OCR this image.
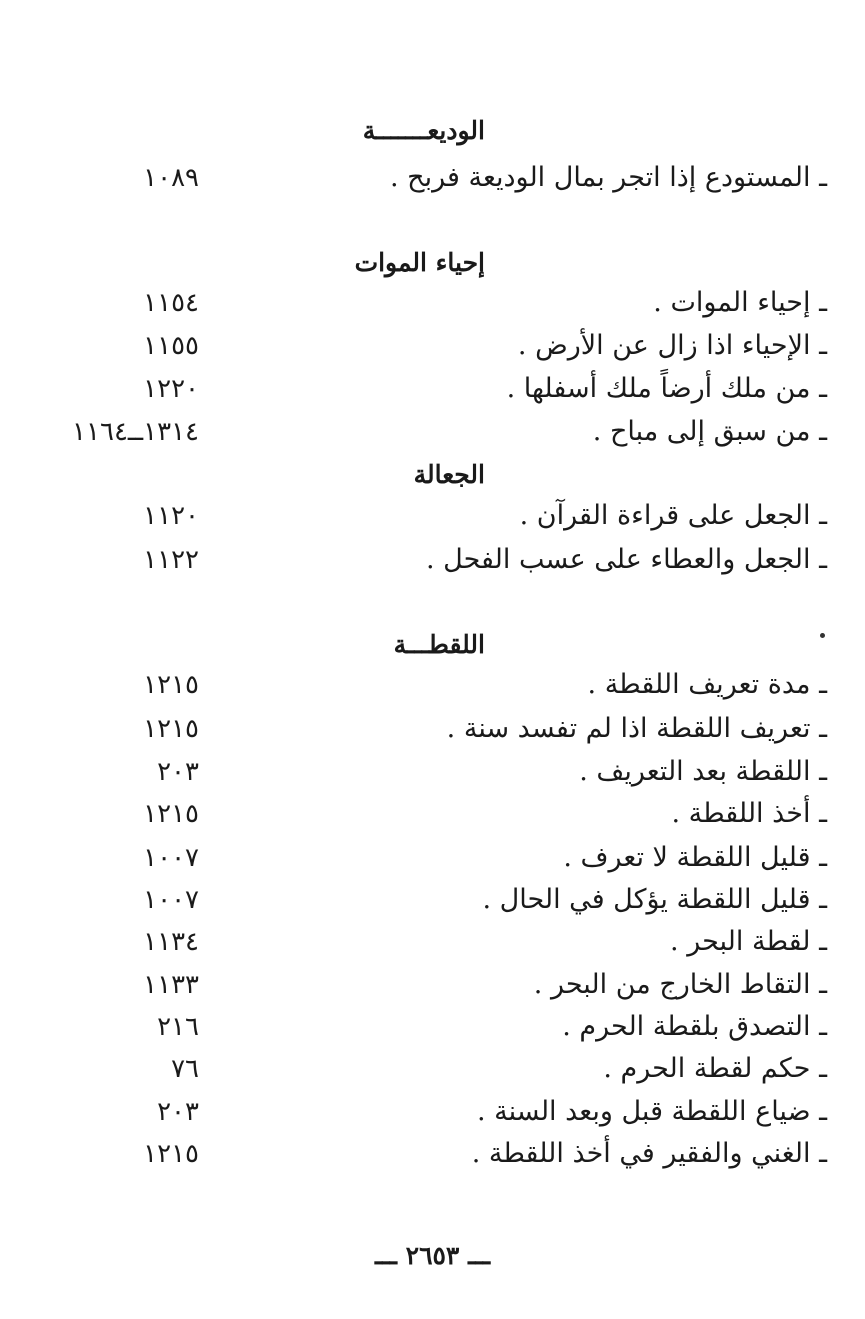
الوديعـــــــة
ـ المستودع إذا اتجر بمال الوديعة فربح .
١٠٨٩
إحياء الموات
ـ إحياء الموات .
١١٥٤
ـ الإحياء اذا زال عن الأرض .
١١٥٥
ـ من ملك أرضاً ملك أسفلها .
١٢٢٠
ـ من سبق إلى مباح .
١٣١٤ــ١١٦٤
الجعالة
ـ الجعل على قراءة القرآن .
١١٢٠
ـ الجعل والعطاء على عسب الفحل .
١١٢٢
اللقطـــة
ـ مدة تعريف اللقطة .
١٢١٥
ـ تعريف اللقطة اذا لم تفسد سنة .
١٢١٥
ـ اللقطة بعد التعريف .
٢٠٣
ـ أخذ اللقطة .
١٢١٥
ـ قليل اللقطة لا تعرف .
١٠٠٧
ـ قليل اللقطة يؤكل في الحال .
١٠٠٧
ـ لقطة البحر .
١١٣٤
ـ التقاط الخارج من البحر .
١١٣٣
ـ التصدق بلقطة الحرم .
٢١٦
ـ حكم لقطة الحرم .
٧٦
ـ ضياع اللقطة قبل وبعد السنة .
٢٠٣
ـ الغني والفقير في أخذ اللقطة .
١٢١٥
ـــ ٢٦٥٣ ـــ
